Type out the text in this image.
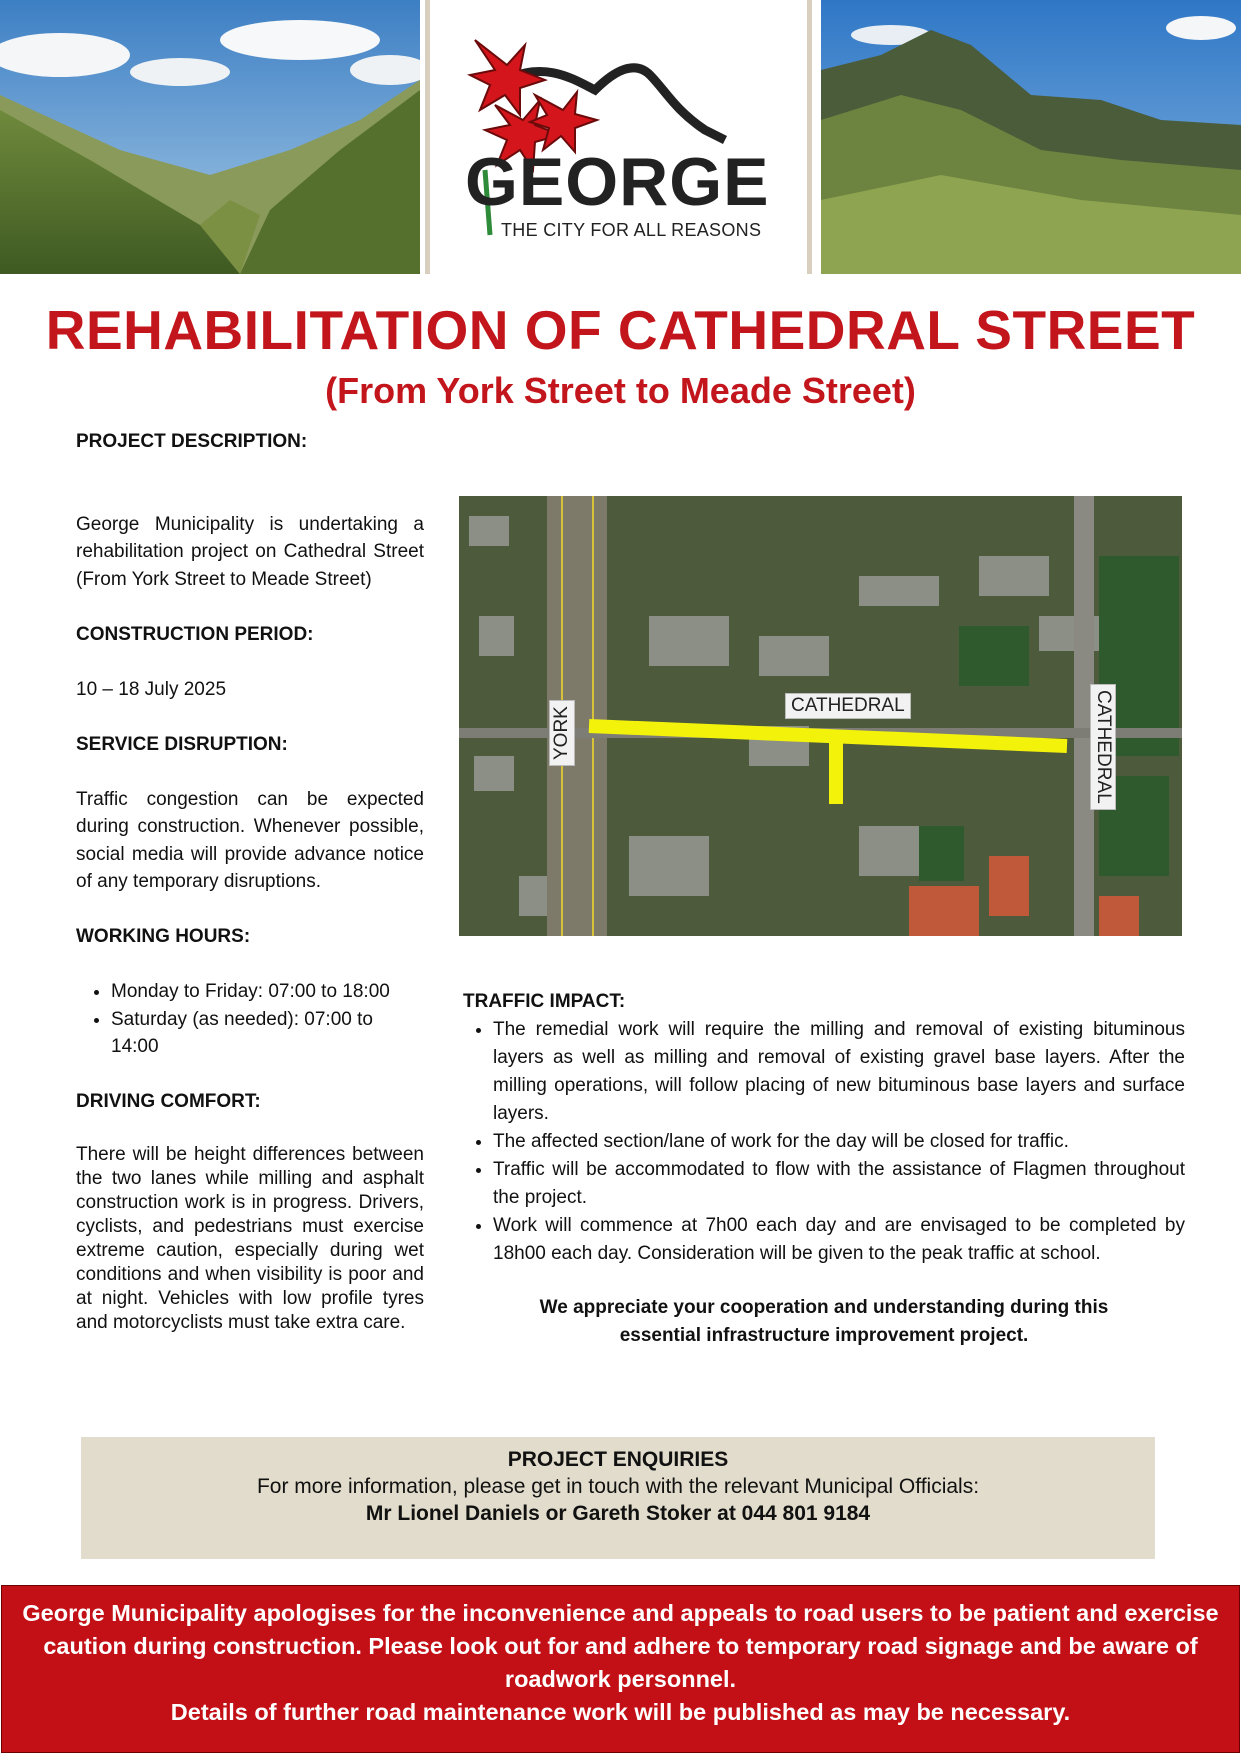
GEORGE
THE CITY FOR ALL REASONS
REHABILITATION OF CATHEDRAL STREET
(From York Street to Meade Street)
PROJECT DESCRIPTION:

George Municipality is undertaking a rehabilitation project on Cathedral Street (From York Street to Meade Street)

CONSTRUCTION PERIOD:

10 – 18 July 2025

SERVICE DISRUPTION:

Traffic congestion can be expected during construction. Whenever possible, social media will provide advance notice of any temporary disruptions.

WORKING HOURS:
• Monday to Friday: 07:00 to 18:00
• Saturday (as needed): 07:00 to 14:00
DRIVING COMFORT:

There will be height differences between the two lanes while milling and asphalt construction work is in progress. Drivers, cyclists, and pedestrians must exercise extreme caution, especially during wet conditions and when visibility is poor and at night. Vehicles with low profile tyres and motorcyclists must take extra care.

YORK
CATHEDRAL	CATHEDRAL
TRAFFIC IMPACT:
• The remedial work will require the milling and removal of existing bituminous layers as well as milling and removal of existing gravel base layers. After the milling operations, will follow placing of new bituminous base layers and surface layers.
• The affected section/lane of work for the day will be closed for traffic.
• Traffic will be accommodated to flow with the assistance of Flagmen throughout the project.
• Work will commence at 7h00 each day and are envisaged to be completed by 18h00 each day. Consideration will be given to the peak traffic at school.
We appreciate your cooperation and understanding during this essential infrastructure improvement project.
PROJECT ENQUIRIES
For more information, please get in touch with the relevant Municipal Officials:
Mr Lionel Daniels or Gareth Stoker at 044 801 9184
George Municipality apologises for the inconvenience and appeals to road users to be patient and exercise caution during construction. Please look out for and adhere to temporary road signage and be aware of roadwork personnel.
Details of further road maintenance work will be published as may be necessary.
